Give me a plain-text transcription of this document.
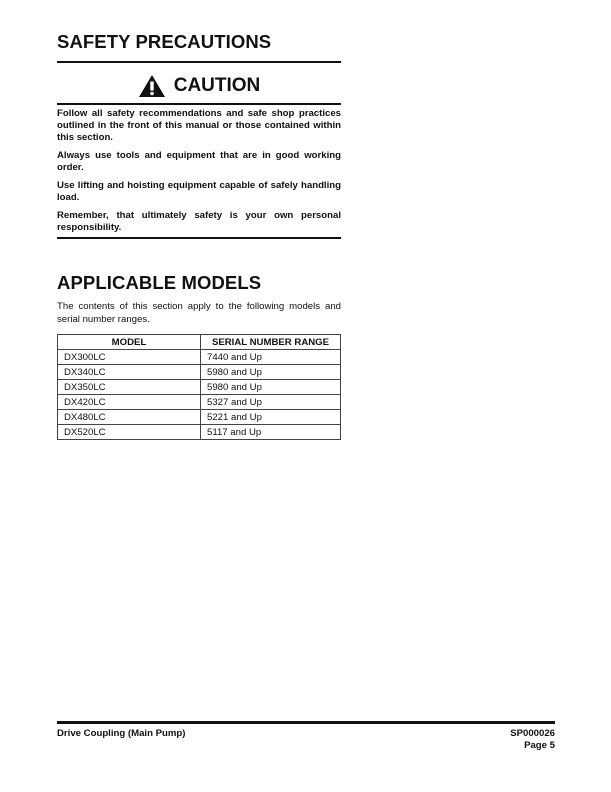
SAFETY PRECAUTIONS
CAUTION

Follow all safety recommendations and safe shop practices outlined in the front of this manual or those contained within this section.

Always use tools and equipment that are in good working order.

Use lifting and hoisting equipment capable of safely handling load.

Remember, that ultimately safety is your own personal responsibility.

APPLICABLE MODELS
The contents of this section apply to the following models and serial number ranges.
MODEL	SERIAL NUMBER RANGE
DX300LC	7440 and Up
DX340LC	5980 and Up
DX350LC	5980 and Up
DX420LC	5327 and Up
DX480LC	5221 and Up
DX520LC	5117 and Up
Drive Coupling (Main Pump)	SP000026
Page 5
